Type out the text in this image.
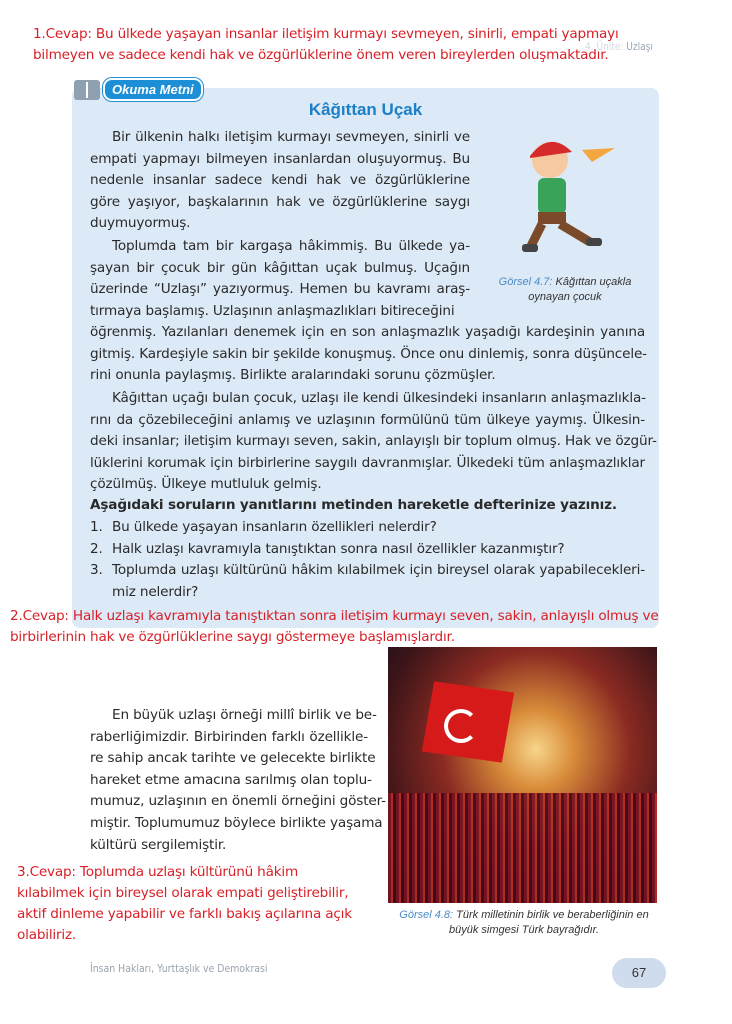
4. Ünite: Uzlaşı
Okuma Metni
Kâğıttan Uçak
Bir ülkenin halkı iletişim kurmayı sevmeyen, sinirli ve
empati yapmayı bilmeyen insanlardan oluşuyormuş. Bu
nedenle insanlar sadece kendi hak ve özgürlüklerine
göre yaşıyor, başkalarının hak ve özgürlüklerine saygı
duymuyormuş.
Toplumda tam bir kargaşa hâkimmiş. Bu ülkede ya-
şayan bir çocuk bir gün kâğıttan uçak bulmuş. Uçağın
üzerinde “Uzlaşı” yazıyormuş. Hemen bu kavramı araş-
tırmaya başlamış. Uzlaşının anlaşmazlıkları bitireceğini
öğrenmiş. Yazılanları denemek için en son anlaşmazlık yaşadığı kardeşinin yanına
gitmiş. Kardeşiyle sakin bir şekilde konuşmuş. Önce onu dinlemiş, sonra düşüncele-
rini onunla paylaşmış. Birlikte aralarındaki sorunu çözmüşler.
Kâğıttan uçağı bulan çocuk, uzlaşı ile kendi ülkesindeki insanların anlaşmazlıkla-
rını da çözebileceğini anlamış ve uzlaşının formülünü tüm ülkeye yaymış. Ülkesin-
deki insanlar; iletişim kurmayı seven, sakin, anlayışlı bir toplum olmuş. Hak ve özgür-
lüklerini korumak için birbirlerine saygılı davranmışlar. Ülkedeki tüm anlaşmazlıklar
çözülmüş. Ülkeye mutluluk gelmiş.
Aşağıdaki soruların yanıtlarını metinden hareketle defterinize yazınız.
1. Bu ülkede yaşayan insanların özellikleri nelerdir?
2. Halk uzlaşı kavramıyla tanıştıktan sonra nasıl özellikler kazanmıştır?
3. Toplumda uzlaşı kültürünü hâkim kılabilmek için bireysel olarak yapabilecekleri-
miz nelerdir?
Görsel 4.7: Kâğıttan uçakla
oynayan çocuk
En büyük uzlaşı örneği millî birlik ve be-
raberliğimizdir. Birbirinden farklı özellikle-
re sahip ancak tarihte ve gelecekte birlikte
hareket etme amacına sarılmış olan toplu-
mumuz, uzlaşının en önemli örneğini göster-
miştir. Toplumumuz böylece birlikte yaşama
kültürü sergilemiştir.
Görsel 4.8: Türk milletinin birlik ve beraberliğinin en
büyük simgesi Türk bayrağıdır.
1.Cevap: Bu ülkede yaşayan insanlar iletişim kurmayı sevmeyen, sinirli, empati yapmayı
bilmeyen ve sadece kendi hak ve özgürlüklerine önem veren bireylerden oluşmaktadır.
2.Cevap: Halk uzlaşı kavramıyla tanıştıktan sonra iletişim kurmayı seven, sakin, anlayışlı olmuş ve
birbirlerinin hak ve özgürlüklerine saygı göstermeye başlamışlardır.
3.Cevap: Toplumda uzlaşı kültürünü hâkim
kılabilmek için bireysel olarak empati geliştirebilir,
aktif dinleme yapabilir ve farklı bakış açılarına açık
olabiliriz.
İnsan Hakları, Yurttaşlık ve Demokrasi	67
